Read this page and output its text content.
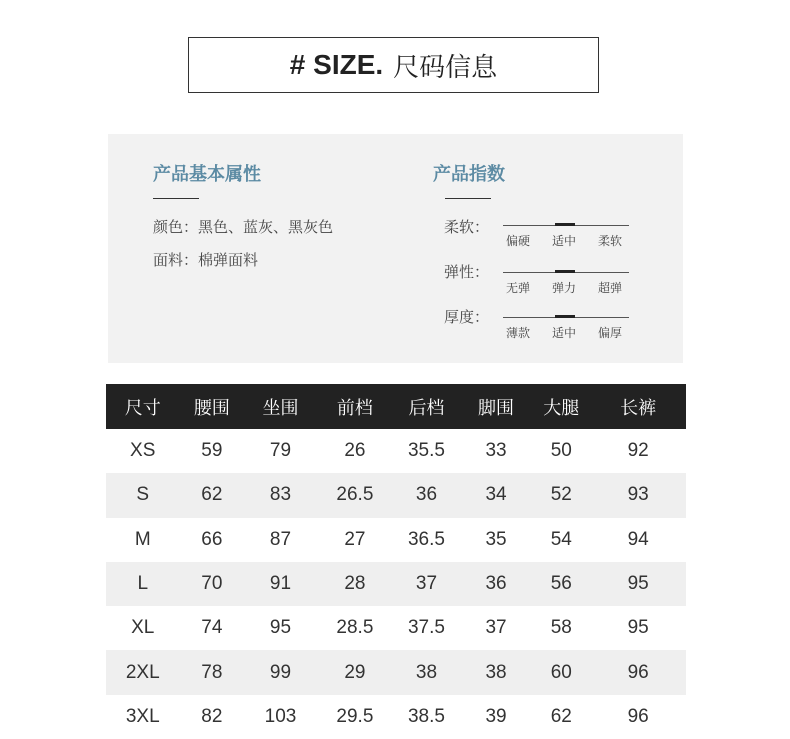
# SIZE. 尺码信息
产品基本属性
颜色：黑色、蓝灰、黑灰色
面料：棉弹面料
产品指数
柔软：
偏硬 适中 柔软
弹性：
无弹 弹力 超弹
厚度：
薄款 适中 偏厚
尺寸	腰围	坐围	前档	后档	脚围	大腿	长裤
XS	59	79	26	35.5	33	50	92
S	62	83	26.5	36	34	52	93
M	66	87	27	36.5	35	54	94
L	70	91	28	37	36	56	95
XL	74	95	28.5	37.5	37	58	95
2XL	78	99	29	38	38	60	96
3XL	82	103	29.5	38.5	39	62	96
